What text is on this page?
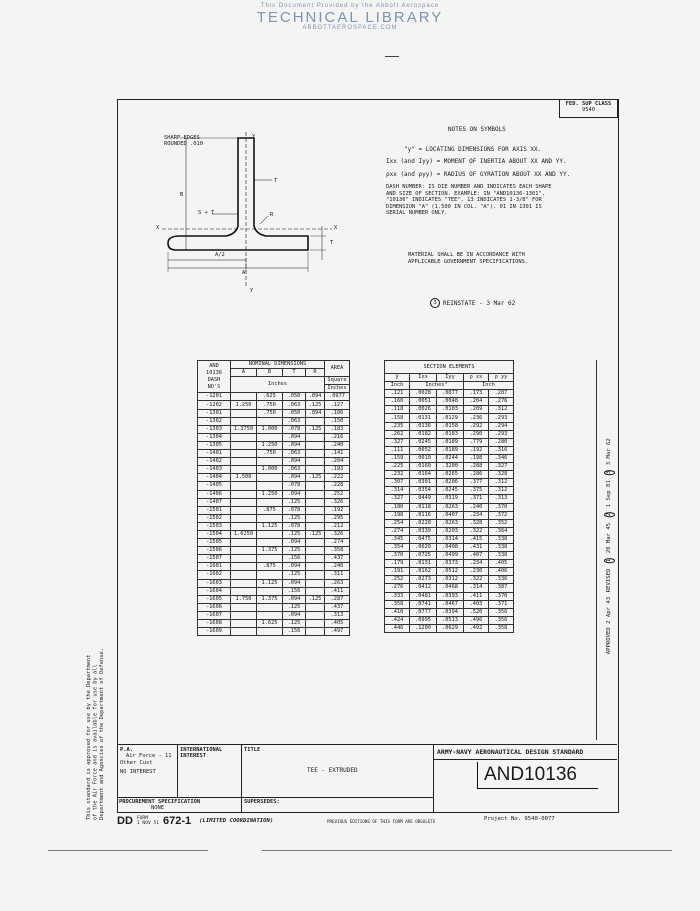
This Document Provided by the Abbott Aerospace
TECHNICAL LIBRARY
ABBOTTAEROSPACE.COM
This standard is approved for use by the Department of the Air Force and is available for use by all Department and Agencies of the Department of Defense.
FED. SUP CLASS
9540
SHARP EDGES
ROUNDED .010
Y
B
T
S + T	R
X	X
T
A/2
A
Y
NOTES ON SYMBOLS
"y" = LOCATING DIMENSIONS FOR AXIS XX.
Ixx (and Iyy) = MOMENT OF INERTIA ABOUT XX AND YY.
ρxx (and ρyy) = RADIUS OF GYRATION ABOUT XX AND YY.
DASH NUMBER: IS DIE NUMBER AND INDICATES EACH SHAPE
AND SIZE OF SECTION. EXAMPLE: IN "AND10136-1301",
"10136" INDICATES "TEE", 13 INDICATES 1-3/8" FOR
DIMENSION "A" (1.500 IN COL. "A"). 01 IN 1301 IS
SERIAL NUMBER ONLY.
MATERIAL SHALL BE IN ACCORDANCE WITH
APPLICABLE GOVERNMENT SPECIFICATIONS.
3	REINSTATE - 3 Mar 62
AND
10136
DASH
NO'S	NOMINAL DIMENSIONS				AREA
	A	B	T	R	
	Inches				Square
					Inches
-1201		.625	.050	.094	.0977
-1202	1.250	.750	.063	.125	.127
-1301		.750	.050	.094	.106
-1302			.063		.150
-1303	1.3750	1.000	.078	.125	.183
-1304			.094		.216
-1305		1.250	.094		.240
-1401		.750	.063		.141
-1402			.094		.204
-1403		1.000	.063		.193
-1404	1.500		.094	.125	.222
-1405			.078		.228
-1406		1.250	.094		.252
-1407			.125		.326
-1501		.875	.078		.192
-1502			.125		.295
-1503		1.125	.078		.212
-1504	1.6250		.125	.125	.326
-1505			.094		.274
-1506		1.375	.125		.358
-1507			.156		.437
-1601		.875	.094		.240
-1602			.125		.311
-1603		1.125	.094		.263
-1604			.156		.411
-1605	1.750	1.375	.094	.125	.287
-1606			.125		.437
-1607			.094		.313
-1608		1.625	.125		.405
-1609			.156		.497
SECTION ELEMENTS				
ȳ	Ixx	Iyy	ρ xx	ρ yy
Inch	Inches⁴		Inch	
.121	.0028	.0077	.173	.287
.160	.0051	.0048	.204	.276
.118	.0026	.0103	.209	.312
.158	.0131	.0129	.236	.293
.235	.0136	.0158	.292	.294
.262	.0182	.0183	.290	.293
.327	.0245	.0189	.779	.280
.111	.0052	.0189	.192	.316
.159	.0010	.0244	.198	.346
.225	.0160	.3200	.288	.327
.232	.0164	.0265	.286	.328
.307	.0301	.0206	.377	.312
.314	.0354	.0245	.375	.312
.327	.0449	.0319	.371	.313
.180	.0118	.0263	.240	.370
.198	.0116	.0407	.234	.372
.254	.0228	.0263	.328	.352
.274	.0339	.0203	.322	.364
.345	.0475	.0314	.415	.338
.354	.0620	.0408	.431	.338
.370	.0725	.0499	.407	.338
.179	.0131	.0373	.234	.405
.191	.0162	.0512	.230	.406
.252	.0273	.0312	.322	.336
.276	.0412	.0468	.314	.387
.333	.0481	.0393	.411	.370
.358	.0741	.0467	.403	.371
.410	.0777	.0394	.520	.356
.424	.0995	.0513	.496	.356
.446	.1200	.0629	.492	.358	APPROVED 2 Apr 43
REVISED
1
20 Mar 45
2
1 Sep 81
3
3 Mar 62
P.A.
Air Force - 11
Other Cust
NO INTEREST
INTERNATIONAL
INTEREST
TITLE
TEE - EXTRUDED
ARMY-NAVY AERONAUTICAL DESIGN STANDARD
AND10136
PROCUREMENT SPECIFICATION
NONE
SUPERSEDES:
DD FORM
1 NOV 51 672-1 (LIMITED COORDINATION)	PREVIOUS EDITIONS OF THIS FORM ARE OBSOLETE	Project No. 9540-0077
